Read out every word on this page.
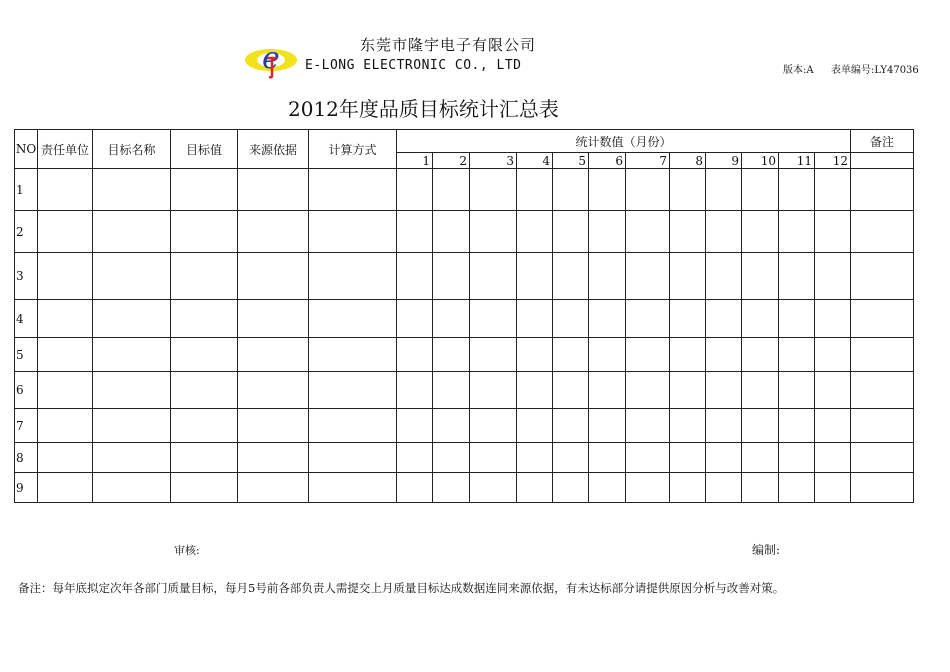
e	东莞市隆宇电子有限公司
E-LONG ELECTRONIC CO., LTD	版本:A 表单编号:LY47036
2012年度品质目标统计汇总表
NO	责任单位	目标名称	目标值	来源依据	计算方式	统计数值（月份）												备注
						1	2	3	4	5	6	7	8	9	10	11	12	
1																		
2																		
3																		
4																		
5																		
6																		
7																		
8																		
9																		
审核:	编制:
备注：每年底拟定次年各部门质量目标，每月5号前各部负责人需提交上月质量目标达成数据连同来源依据，有未达标部分请提供原因分析与改善对策。
